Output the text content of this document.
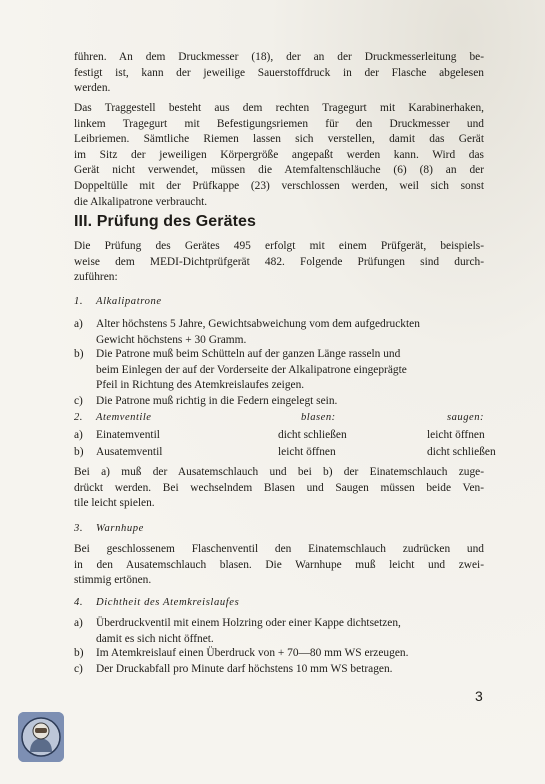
führen. An dem Druckmesser (18), der an der Druckmesserleitung be-
festigt ist, kann der jeweilige Sauerstoffdruck in der Flasche abgelesen
werden.

Das Traggestell besteht aus dem rechten Tragegurt mit Karabinerhaken,
linkem Tragegurt mit Befestigungsriemen für den Druckmesser und
Leibriemen. Sämtliche Riemen lassen sich verstellen, damit das Gerät
im Sitz der jeweiligen Körpergröße angepaßt werden kann. Wird das
Gerät nicht verwendet, müssen die Atemfaltenschläuche (6) (8) an der
Doppeltülle mit der Prüfkappe (23) verschlossen werden, weil sich sonst
die Alkalipatrone verbraucht.

III. Prüfung des Gerätes

Die Prüfung des Gerätes 495 erfolgt mit einem Prüfgerät, beispiels-
weise dem MEDI-Dichtprüfgerät 482. Folgende Prüfungen sind durch-
zuführen:

1. Alkalipatrone
a) Alter höchstens 5 Jahre, Gewichtsabweichung vom dem aufgedruckten
Gewicht höchstens + 30 Gramm.
b) Die Patrone muß beim Schütteln auf der ganzen Länge rasseln und
beim Einlegen der auf der Vorderseite der Alkalipatrone eingeprägte
Pfeil in Richtung des Atemkreislaufes zeigen.
c) Die Patrone muß richtig in die Federn eingelegt sein.
2. Atemventile	blasen:	saugen:
a) Einatemventil	dicht schließen	leicht öffnen
b) Ausatemventil	leicht öffnen	dicht schließen

Bei a) muß der Ausatemschlauch und bei b) der Einatemschlauch zuge-
drückt werden. Bei wechselndem Blasen und Saugen müssen beide Ven-
tile leicht spielen.

3. Warnhupe

Bei geschlossenem Flaschenventil den Einatemschlauch zudrücken und
in den Ausatemschlauch blasen. Die Warnhupe muß leicht und zwei-
stimmig ertönen.

4. Dichtheit des Atemkreislaufes
a) Überdruckventil mit einem Holzring oder einer Kappe dichtsetzen,
damit es sich nicht öffnet.
b) Im Atemkreislauf einen Überdruck von + 70—80 mm WS erzeugen.
c) Der Druckabfall pro Minute darf höchstens 10 mm WS betragen.
3
